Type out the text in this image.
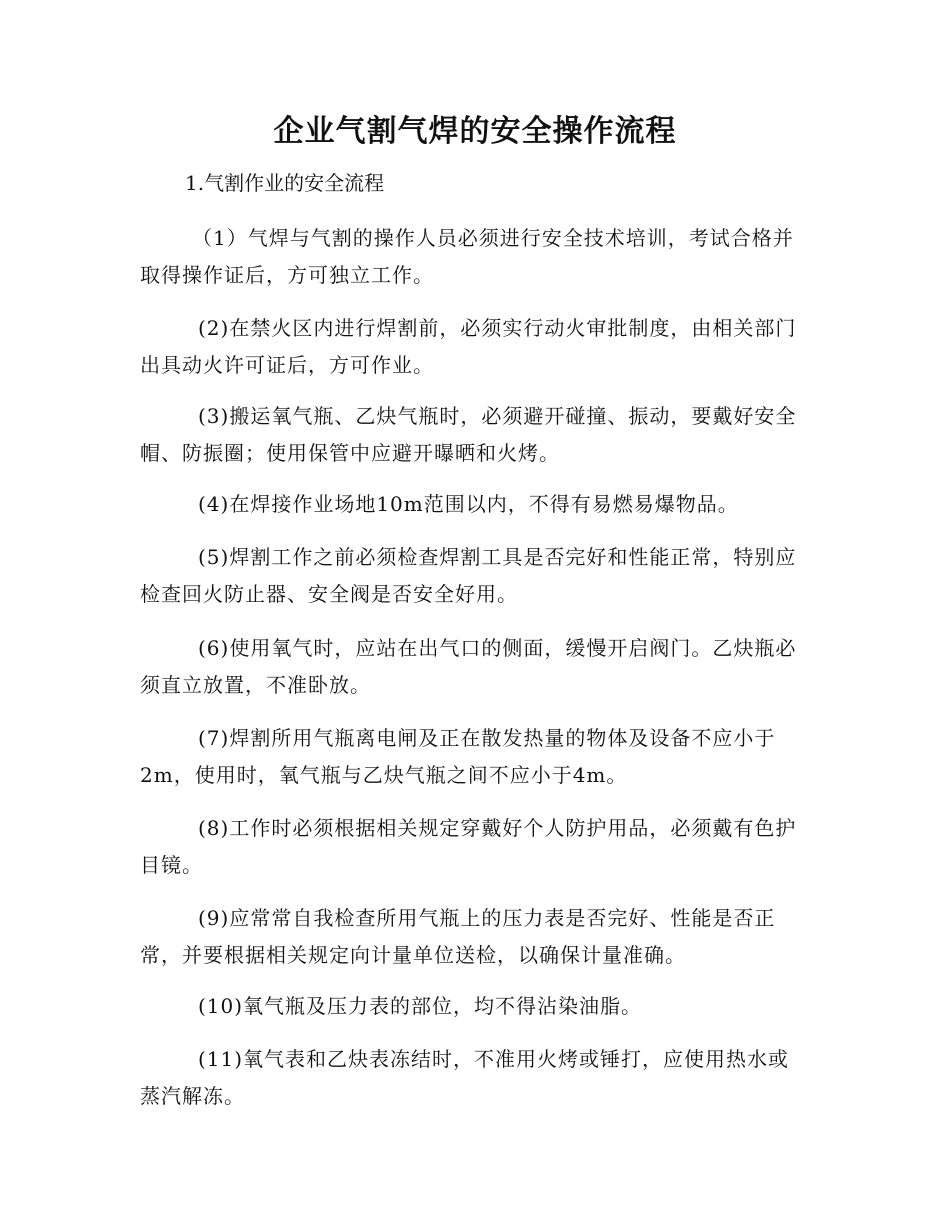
企业气割气焊的安全操作流程
1.气割作业的安全流程

（1）气焊与气割的操作人员必须进行安全技术培训，考试合格并取得操作证后，方可独立工作。

(2)在禁火区内进行焊割前，必须实行动火审批制度，由相关部门出具动火许可证后，方可作业。

(3)搬运氧气瓶、乙炔气瓶时，必须避开碰撞、振动，要戴好安全帽、防振圈；使用保管中应避开曝晒和火烤。

(4)在焊接作业场地10m范围以内，不得有易燃易爆物品。

(5)焊割工作之前必须检查焊割工具是否完好和性能正常，特别应检查回火防止器、安全阀是否安全好用。

(6)使用氧气时，应站在出气口的侧面，缓慢开启阀门。乙炔瓶必须直立放置，不准卧放。

(7)焊割所用气瓶离电闸及正在散发热量的物体及设备不应小于2m，使用时，氧气瓶与乙炔气瓶之间不应小于4m。

(8)工作时必须根据相关规定穿戴好个人防护用品，必须戴有色护目镜。

(9)应常常自我检查所用气瓶上的压力表是否完好、性能是否正常，并要根据相关规定向计量单位送检，以确保计量准确。

(10)氧气瓶及压力表的部位，均不得沾染油脂。

(11)氧气表和乙炔表冻结时，不准用火烤或锤打，应使用热水或蒸汽解冻。
